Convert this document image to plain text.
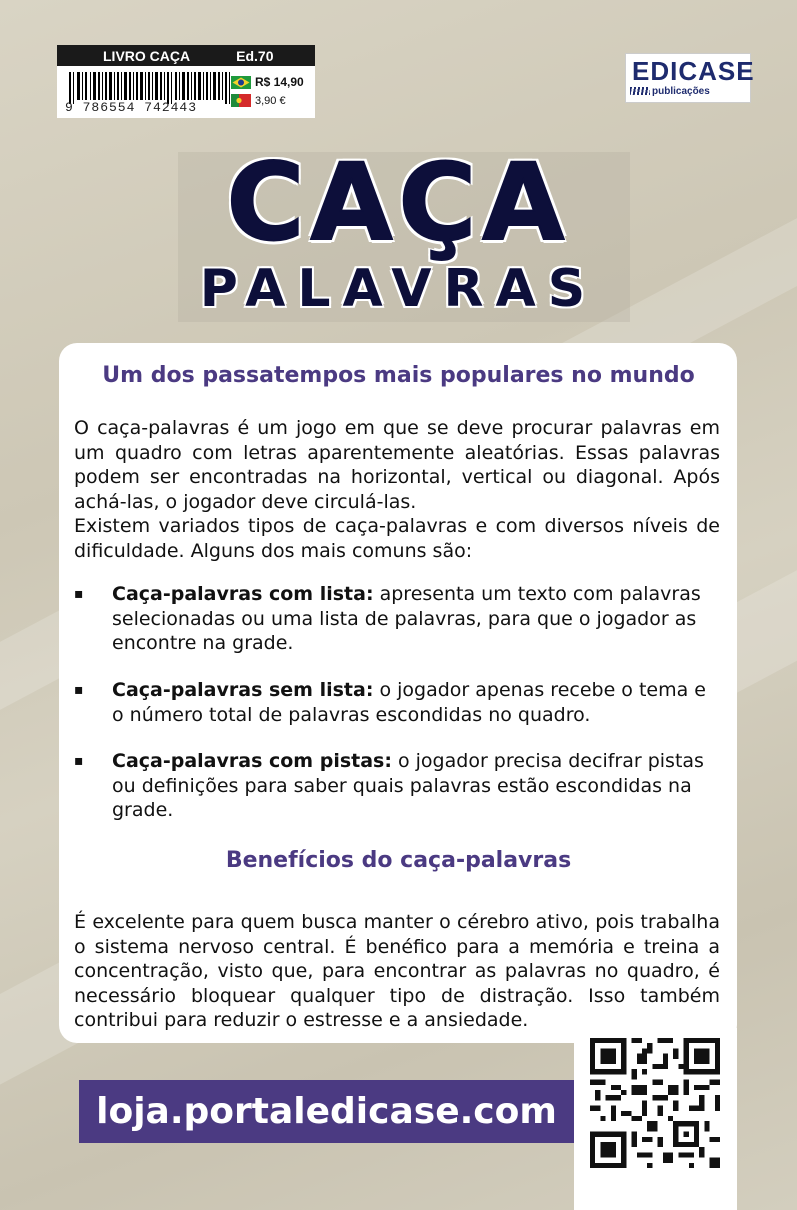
LIVRO CAÇA	Ed.70
9 786554 742443
R$ 14,90
3,90 €
EDICASE
publicações
CAÇA
PALAVRAS
Um dos passatempos mais populares no mundo

O caça-palavras é um jogo em que se deve procurar palavras em um quadro com letras aparentemente aleatórias. Essas palavras podem ser encontradas na horizontal, vertical ou diagonal. Após achá-las, o jogador deve circulá-las.

Existem variados tipos de caça-palavras e com diversos níveis de dificuldade. Alguns dos mais comuns são:

▪ Caça-palavras com lista: apresenta um texto com palavras selecionadas ou uma lista de palavras, para que o jogador as encontre na grade.
▪ Caça-palavras sem lista: o jogador apenas recebe o tema e o número total de palavras escondidas no quadro.
▪ Caça-palavras com pistas: o jogador precisa decifrar pistas ou definições para saber quais palavras estão escondidas na grade.
Benefícios do caça-palavras

É excelente para quem busca manter o cérebro ativo, pois trabalha o sistema nervoso central. É benéfico para a memória e treina a concentração, visto que, para encontrar as palavras no quadro, é necessário bloquear qualquer tipo de distração. Isso também contribui para reduzir o estresse e a ansiedade.

loja.portaledicase.com
